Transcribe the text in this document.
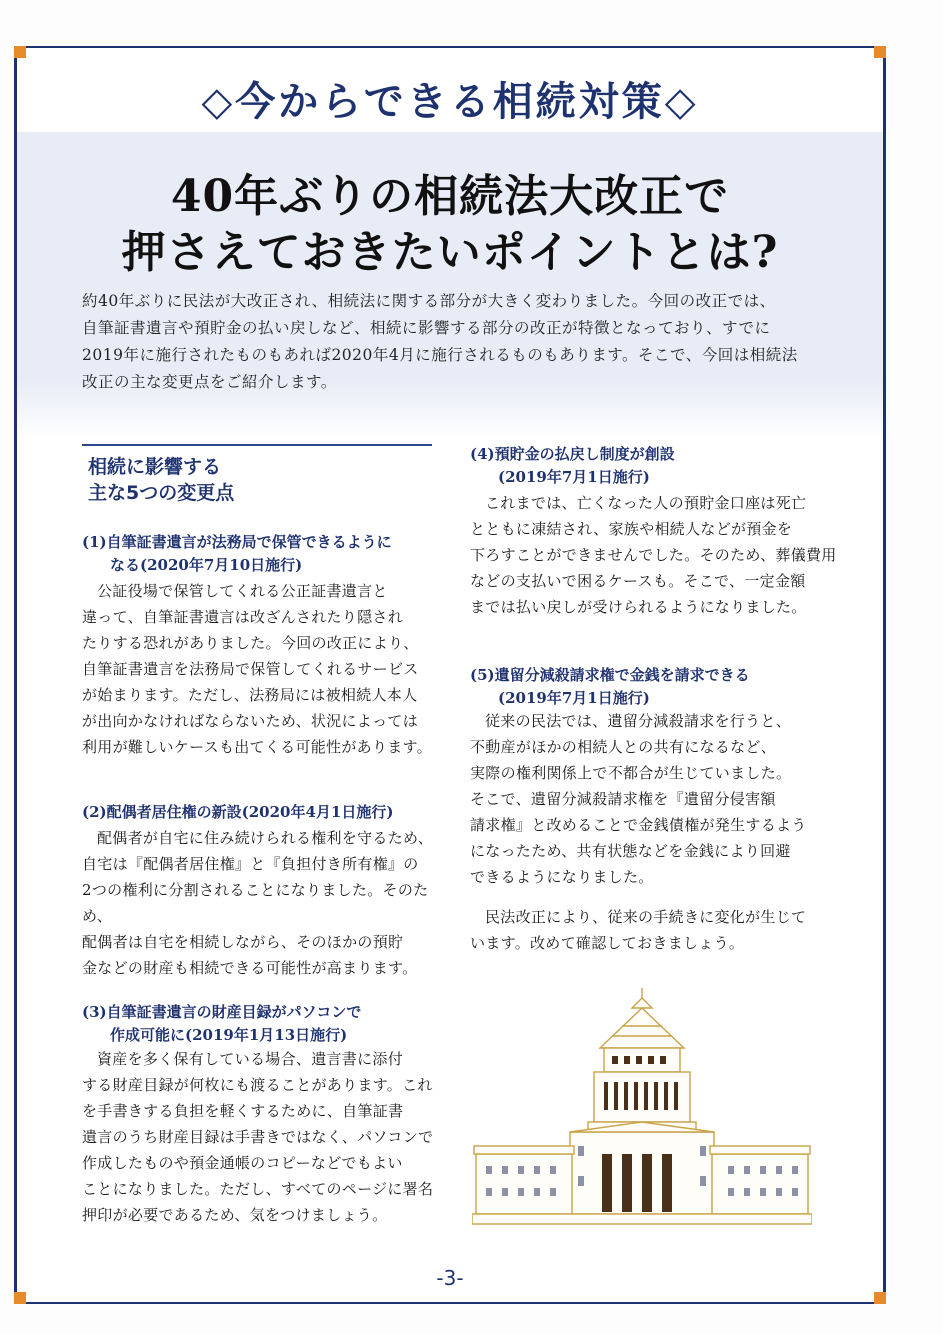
◇今からできる相続対策◇
40年ぶりの相続法大改正で
押さえておきたいポイントとは?
約40年ぶりに民法が大改正され、相続法に関する部分が大きく変わりました。今回の改正では、
自筆証書遺言や預貯金の払い戻しなど、相続に影響する部分の改正が特徴となっており、すでに
2019年に施行されたものもあれば2020年4月に施行されるものもあります。そこで、今回は相続法
改正の主な変更点をご紹介します。
相続に影響する
主な5つの変更点
(1)自筆証書遺言が法務局で保管できるように
なる(2020年7月10日施行)
公証役場で保管してくれる公正証書遺言と
違って、自筆証書遺言は改ざんされたり隠され
たりする恐れがありました。今回の改正により、
自筆証書遺言を法務局で保管してくれるサービス
が始まります。ただし、法務局には被相続人本人
が出向かなければならないため、状況によっては
利用が難しいケースも出てくる可能性があります。
(2)配偶者居住権の新設(2020年4月1日施行)
配偶者が自宅に住み続けられる権利を守るため、
自宅は『配偶者居住権』と『負担付き所有権』の
2つの権利に分割されることになりました。そのため、
配偶者は自宅を相続しながら、そのほかの預貯
金などの財産も相続できる可能性が高まります。
(3)自筆証書遺言の財産目録がパソコンで
作成可能に(2019年1月13日施行)
資産を多く保有している場合、遺言書に添付
する財産目録が何枚にも渡ることがあります。これ
を手書きする負担を軽くするために、自筆証書
遺言のうち財産目録は手書きではなく、パソコンで
作成したものや預金通帳のコピーなどでもよい
ことになりました。ただし、すべてのページに署名
押印が必要であるため、気をつけましょう。
(4)預貯金の払戻し制度が創設
(2019年7月1日施行)
これまでは、亡くなった人の預貯金口座は死亡
とともに凍結され、家族や相続人などが預金を
下ろすことができませんでした。そのため、葬儀費用
などの支払いで困るケースも。そこで、一定金額
までは払い戻しが受けられるようになりました。
(5)遺留分減殺請求権で金銭を請求できる
(2019年7月1日施行)
従来の民法では、遺留分減殺請求を行うと、
不動産がほかの相続人との共有になるなど、
実際の権利関係上で不都合が生じていました。
そこで、遺留分減殺請求権を『遺留分侵害額
請求権』と改めることで金銭債権が発生するよう
になったため、共有状態などを金銭により回避
できるようになりました。
民法改正により、従来の手続きに変化が生じて
います。改めて確認しておきましょう。
-3-
